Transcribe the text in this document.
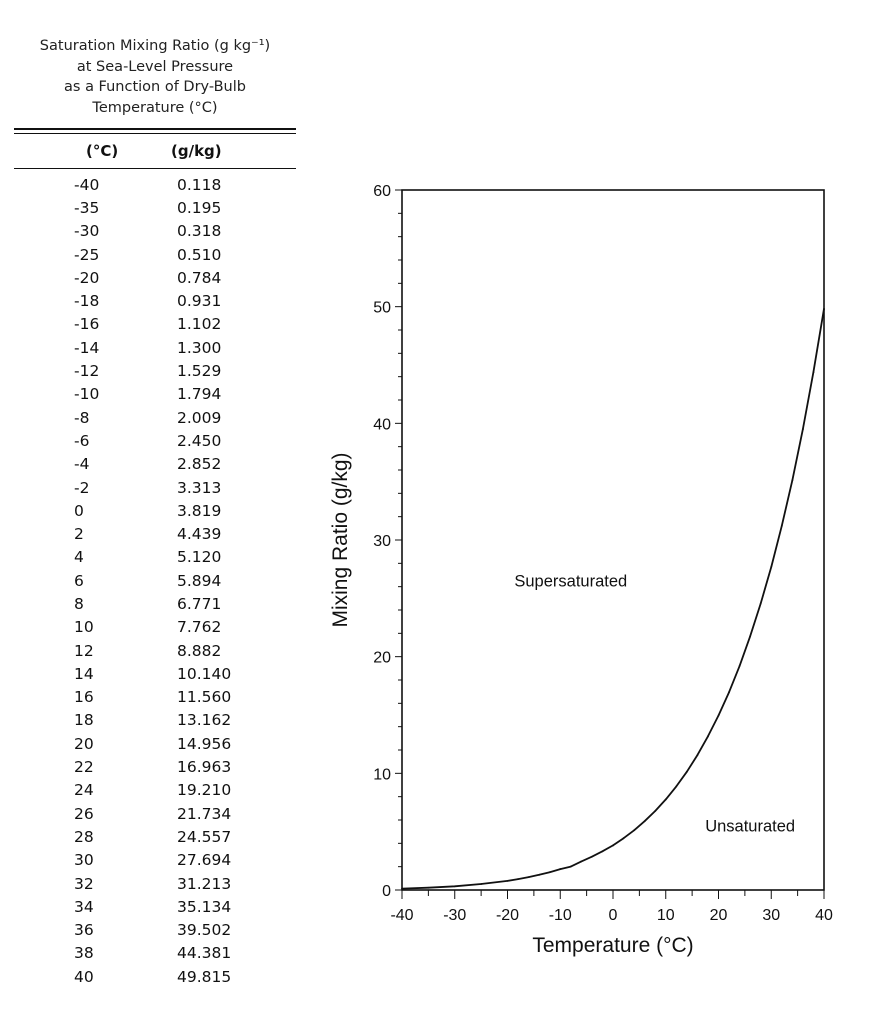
Saturation Mixing Ratio (g kg⁻¹)
at Sea-Level Pressure
as a Function of Dry-Bulb
Temperature (°C)
(°C)	(g/kg)
-40	0.118
-35	0.195
-30	0.318
-25	0.510
-20	0.784
-18	0.931
-16	1.102
-14	1.300
-12	1.529
-10	1.794
-8	2.009
-6	2.450
-4	2.852
-2	3.313
0	3.819
2	4.439
4	5.120
6	5.894
8	6.771
10	7.762
12	8.882
14	10.140
16	11.560
18	13.162
20	14.956
22	16.963
24	19.210
26	21.734
28	24.557
30	27.694
32	31.213
34	35.134
36	39.502
38	44.381
40	49.815
0
10
20
30
40
50
60
-40 -30 -20 -10 0 10 20 30 40
Temperature (°C)
Mixing Ratio (g/kg)	Supersaturated
Unsaturated
